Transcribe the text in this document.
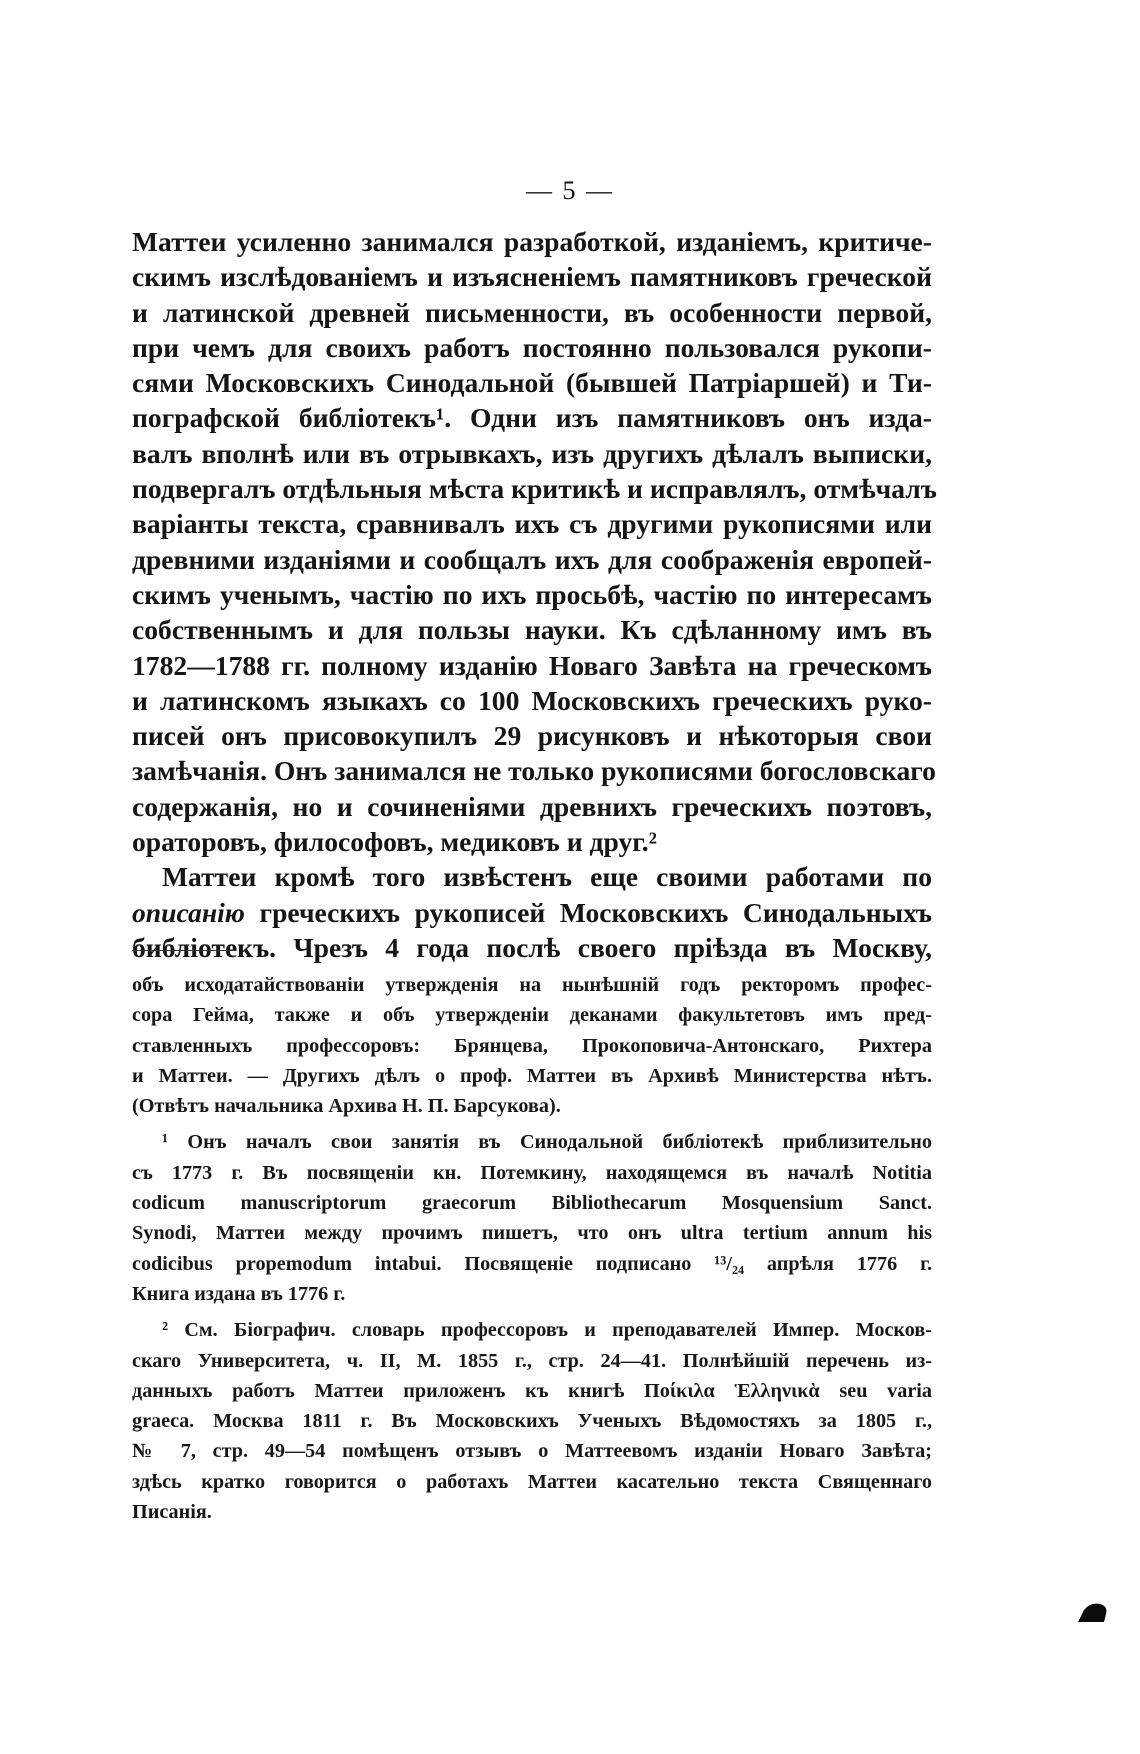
— 5 —

Маттеи усиленно занимался разработкой, изданіемъ, критиче-
скимъ изслѣдованіемъ и изъясненіемъ памятниковъ греческой
и латинской древней письменности, въ особенности первой,
при чемъ для своихъ работъ постоянно пользовался рукопи-
сями Московскихъ Синодальной (бывшей Патріаршей) и Ти-
пографской библіотекъ¹. Одни изъ памятниковъ онъ изда-
валъ вполнѣ или въ отрывкахъ, изъ другихъ дѣлалъ выписки,
подвергалъ отдѣльныя мѣста критикѣ и исправлялъ, отмѣчалъ
варіанты текста, сравнивалъ ихъ съ другими рукописями или
древними изданіями и сообщалъ ихъ для соображенія европей-
скимъ ученымъ, частію по ихъ просьбѣ, частію по интересамъ
собственнымъ и для пользы науки. Къ сдѣланному имъ въ
1782—1788 гг. полному изданію Новаго Завѣта на греческомъ
и латинскомъ языкахъ со 100 Московскихъ греческихъ руко-
писей онъ присовокупилъ 29 рисунковъ и нѣкоторыя свои
замѣчанія. Онъ занимался не только рукописями богословскаго
содержанія, но и сочиненіями древнихъ греческихъ поэтовъ,
ораторовъ, философовъ, медиковъ и друг.²

Маттеи кромѣ того извѣстенъ еще своими работами по
описанію греческихъ рукописей Московскихъ Синодальныхъ
библіотекъ. Чрезъ 4 года послѣ своего пріѣзда въ Москву,

объ исходатайствованіи утвержденія на нынѣшній годъ ректоромъ профес-
сора Гейма, также и объ утвержденіи деканами факультетовъ имъ пред-
ставленныхъ профессоровъ: Брянцева, Прокоповича-Антонскаго, Рихтера
и Маттеи. — Другихъ дѣлъ о проф. Маттеи въ Архивѣ Министерства нѣтъ.
(Отвѣтъ начальника Архива Н. П. Барсукова).
¹ Онъ началъ свои занятія въ Синодальной библіотекѣ приблизительно
съ 1773 г. Въ посвященіи кн. Потемкину, находящемся въ началѣ Notitia
codicum manuscriptorum graecorum Bibliothecarum Mosquensium Sanct.
Synodi, Маттеи между прочимъ пишетъ, что онъ ultra tertium annum his
codicibus propemodum intabui. Посвященіе подписано ¹³/₂₄ апрѣля 1776 г.
Книга издана въ 1776 г.
² См. Біографич. словарь профессоровъ и преподавателей Импер. Москов-
скаго Университета, ч. II, М. 1855 г., стр. 24—41. Полнѣйшій перечень из-
данныхъ работъ Маттеи приложенъ къ книгѣ Ποίκιλα Ἑλληνικὰ seu varia
graeca. Москва 1811 г. Въ Московскихъ Ученыхъ Вѣдомостяхъ за 1805 г.,
№ 7, стр. 49—54 помѣщенъ отзывъ о Маттеевомъ изданіи Новаго Завѣта;
здѣсь кратко говорится о работахъ Маттеи касательно текста Священнаго
Писанія.
